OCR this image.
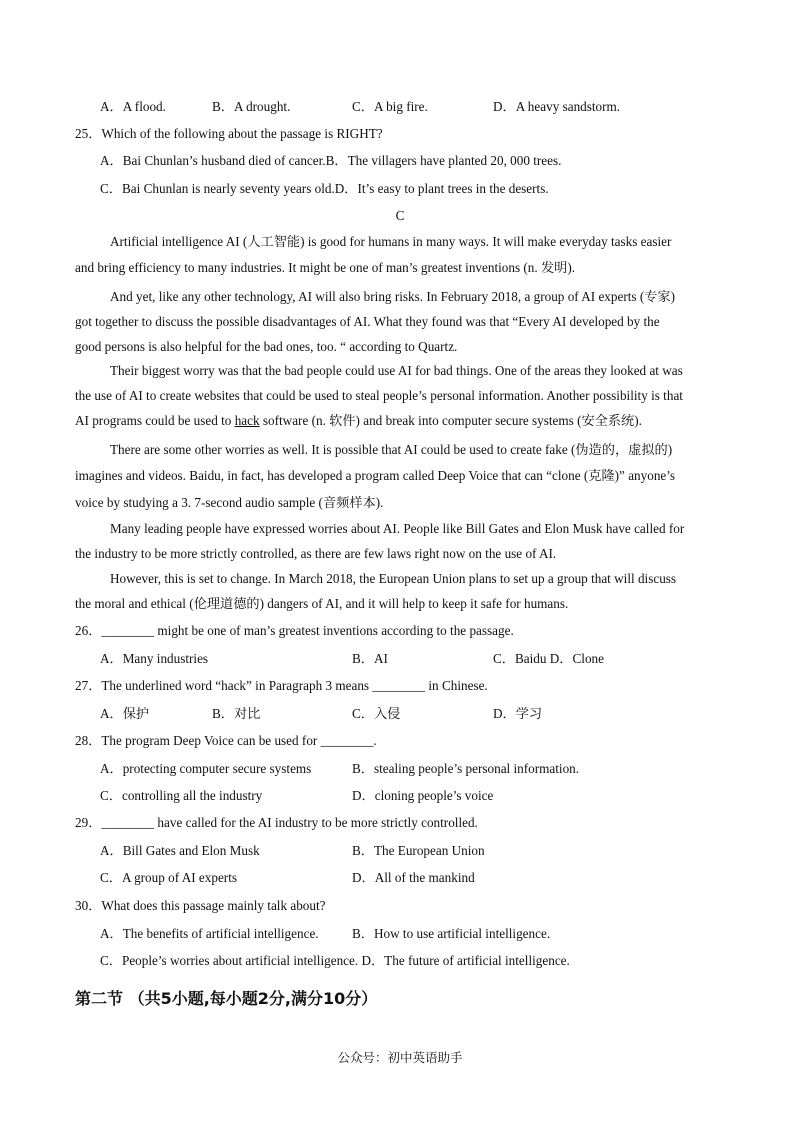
A．A flood.	B．A drought.	C．A big fire.	D．A heavy sandstorm.
25．Which of the following about the passage is RIGHT?
A．Bai Chunlan’s husband died of cancer.B．The villagers have planted 20, 000 trees.
C．Bai Chunlan is nearly seventy years old.D．It’s easy to plant trees in the deserts.
C
Artificial intelligence AI (人工智能) is good for humans in many ways. It will make everyday tasks easier
and bring efficiency to many industries. It might be one of man’s greatest inventions (n. 发明).
And yet, like any other technology, AI will also bring risks. In February 2018, a group of AI experts (专家)
got together to discuss the possible disadvantages of AI. What they found was that “Every AI developed by the
good persons is also helpful for the bad ones, too. “ according to Quartz.
Their biggest worry was that the bad people could use AI for bad things. One of the areas they looked at was
the use of AI to create websites that could be used to steal people’s personal information. Another possibility is that
AI programs could be used to hack software (n. 软件) and break into computer secure systems (安全系统).
There are some other worries as well. It is possible that AI could be used to create fake (伪造的，虚拟的)
imagines and videos. Baidu, in fact, has developed a program called Deep Voice that can “clone (克隆)” anyone’s
voice by studying a 3. 7-second audio sample (音频样本).
Many leading people have expressed worries about AI. People like Bill Gates and Elon Musk have called for
the industry to be more strictly controlled, as there are few laws right now on the use of AI.
However, this is set to change. In March 2018, the European Union plans to set up a group that will discuss
the moral and ethical (伦理道德的) dangers of AI, and it will help to keep it safe for humans.
26．________ might be one of man’s greatest inventions according to the passage.
A．Many industries	B．AI	C．Baidu D．Clone
27．The underlined word “hack” in Paragraph 3 means ________ in Chinese.
A．保护	B．对比	C．入侵	D．学习
28．The program Deep Voice can be used for ________.
A．protecting computer secure systems	B．stealing people’s personal information.
C．controlling all the industry	D．cloning people’s voice
29．________ have called for the AI industry to be more strictly controlled.
A．Bill Gates and Elon Musk	B．The European Union
C．A group of AI experts	D．All of the mankind
30．What does this passage mainly talk about?
A．The benefits of artificial intelligence.	B．How to use artificial intelligence.
C．People’s worries about artificial intelligence. D．The future of artificial intelligence.
第二节 （共5小题,每小题2分,满分10分）
公众号：初中英语助手
